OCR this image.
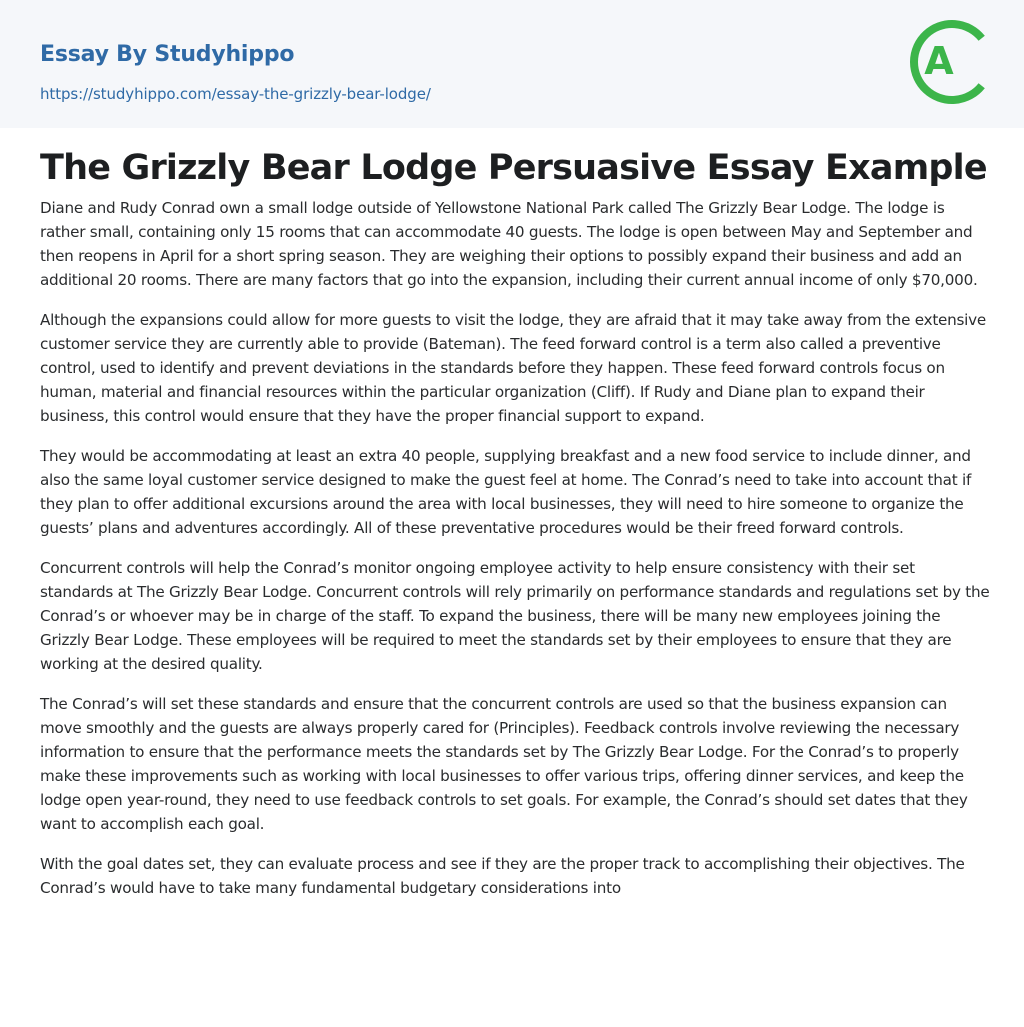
Essay By Studyhippo
https://studyhippo.com/essay-the-grizzly-bear-lodge/
A
The Grizzly Bear Lodge Persuasive Essay Example

Diane and Rudy Conrad own a small lodge outside of Yellowstone National Park called The Grizzly Bear Lodge. The lodge is rather small, containing only 15 rooms that can accommodate 40 guests. The lodge is open between May and September and then reopens in April for a short spring season. They are weighing their options to possibly expand their business and add an additional 20 rooms. There are many factors that go into the expansion, including their current annual income of only $70,000.

Although the expansions could allow for more guests to visit the lodge, they are afraid that it may take away from the extensive customer service they are currently able to provide (Bateman). The feed forward control is a term also called a preventive control, used to identify and prevent deviations in the standards before they happen. These feed forward controls focus on human, material and financial resources within the particular organization (Cliff). If Rudy and Diane plan to expand their business, this control would ensure that they have the proper financial support to expand.

They would be accommodating at least an extra 40 people, supplying breakfast and a new food service to include dinner, and also the same loyal customer service designed to make the guest feel at home. The Conrad’s need to take into account that if they plan to offer additional excursions around the area with local businesses, they will need to hire someone to organize the guests’ plans and adventures accordingly. All of these preventative procedures would be their freed forward controls.

Concurrent controls will help the Conrad’s monitor ongoing employee activity to help ensure consistency with their set standards at The Grizzly Bear Lodge. Concurrent controls will rely primarily on performance standards and regulations set by the Conrad’s or whoever may be in charge of the staff. To expand the business, there will be many new employees joining the Grizzly Bear Lodge. These employees will be required to meet the standards set by their employees to ensure that they are working at the desired quality.

The Conrad’s will set these standards and ensure that the concurrent controls are used so that the business expansion can move smoothly and the guests are always properly cared for (Principles). Feedback controls involve reviewing the necessary information to ensure that the performance meets the standards set by The Grizzly Bear Lodge. For the Conrad’s to properly make these improvements such as working with local businesses to offer various trips, offering dinner services, and keep the lodge open year-round, they need to use feedback controls to set goals. For example, the Conrad’s should set dates that they want to accomplish each goal.

With the goal dates set, they can evaluate process and see if they are the proper track to accomplishing their objectives. The Conrad’s would have to take many fundamental budgetary considerations into
